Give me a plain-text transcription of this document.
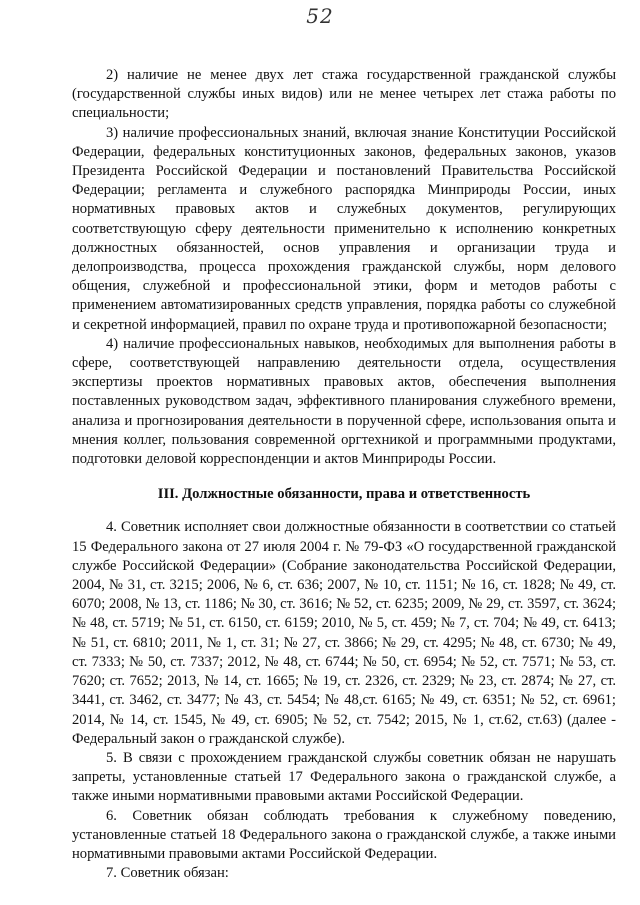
52

2) наличие не менее двух лет стажа государственной гражданской службы (государственной службы иных видов) или не менее четырех лет стажа работы по специальности;

3) наличие профессиональных знаний, включая знание Конституции Российской Федерации, федеральных конституционных законов, федеральных законов, указов Президента Российской Федерации и постановлений Правительства Российской Федерации; регламента и служебного распорядка Минприроды России, иных нормативных правовых актов и служебных документов, регулирующих соответствующую сферу деятельности применительно к исполнению конкретных должностных обязанностей, основ управления и организации труда и делопроизводства, процесса прохождения гражданской службы, норм делового общения, служебной и профессиональной этики, форм и методов работы с применением автоматизированных средств управления, порядка работы со служебной и секретной информацией, правил по охране труда и противопожарной безопасности;

4) наличие профессиональных навыков, необходимых для выполнения работы в сфере, соответствующей направлению деятельности отдела, осуществления экспертизы проектов нормативных правовых актов, обеспечения выполнения поставленных руководством задач, эффективного планирования служебного времени, анализа и прогнозирования деятельности в порученной сфере, использования опыта и мнения коллег, пользования современной оргтехникой и программными продуктами, подготовки деловой корреспонденции и актов Минприроды России.

III. Должностные обязанности, права и ответственность

4. Советник исполняет свои должностные обязанности в соответствии со статьей 15 Федерального закона от 27 июля 2004 г. № 79-ФЗ «О государственной гражданской службе Российской Федерации» (Собрание законодательства Российской Федерации, 2004, № 31, ст. 3215; 2006, № 6, ст. 636; 2007, № 10, ст. 1151; № 16, ст. 1828; № 49, ст. 6070; 2008, № 13, ст. 1186; № 30, ст. 3616; № 52, ст. 6235; 2009, № 29, ст. 3597, ст. 3624; № 48, ст. 5719; № 51, ст. 6150, ст. 6159; 2010, № 5, ст. 459; № 7, ст. 704; № 49, ст. 6413; № 51, ст. 6810; 2011, № 1, ст. 31; № 27, ст. 3866; № 29, ст. 4295; № 48, ст. 6730; № 49, ст. 7333; № 50, ст. 7337; 2012, № 48, ст. 6744; № 50, ст. 6954; № 52, ст. 7571; № 53, ст. 7620; ст. 7652; 2013, № 14, ст. 1665; № 19, ст. 2326, ст. 2329; № 23, ст. 2874; № 27, ст. 3441, ст. 3462, ст. 3477; № 43, ст. 5454; № 48,ст. 6165; № 49, ст. 6351; № 52, ст. 6961; 2014, № 14, ст. 1545, № 49, ст. 6905; № 52, ст. 7542; 2015, № 1, ст.62, ст.63) (далее - Федеральный закон о гражданской службе).

5. В связи с прохождением гражданской службы советник обязан не нарушать запреты, установленные статьей 17 Федерального закона о гражданской службе, а также иными нормативными правовыми актами Российской Федерации.

6. Советник обязан соблюдать требования к служебному поведению, установленные статьей 18 Федерального закона о гражданской службе, а также иными нормативными правовыми актами Российской Федерации.

7. Советник обязан:
